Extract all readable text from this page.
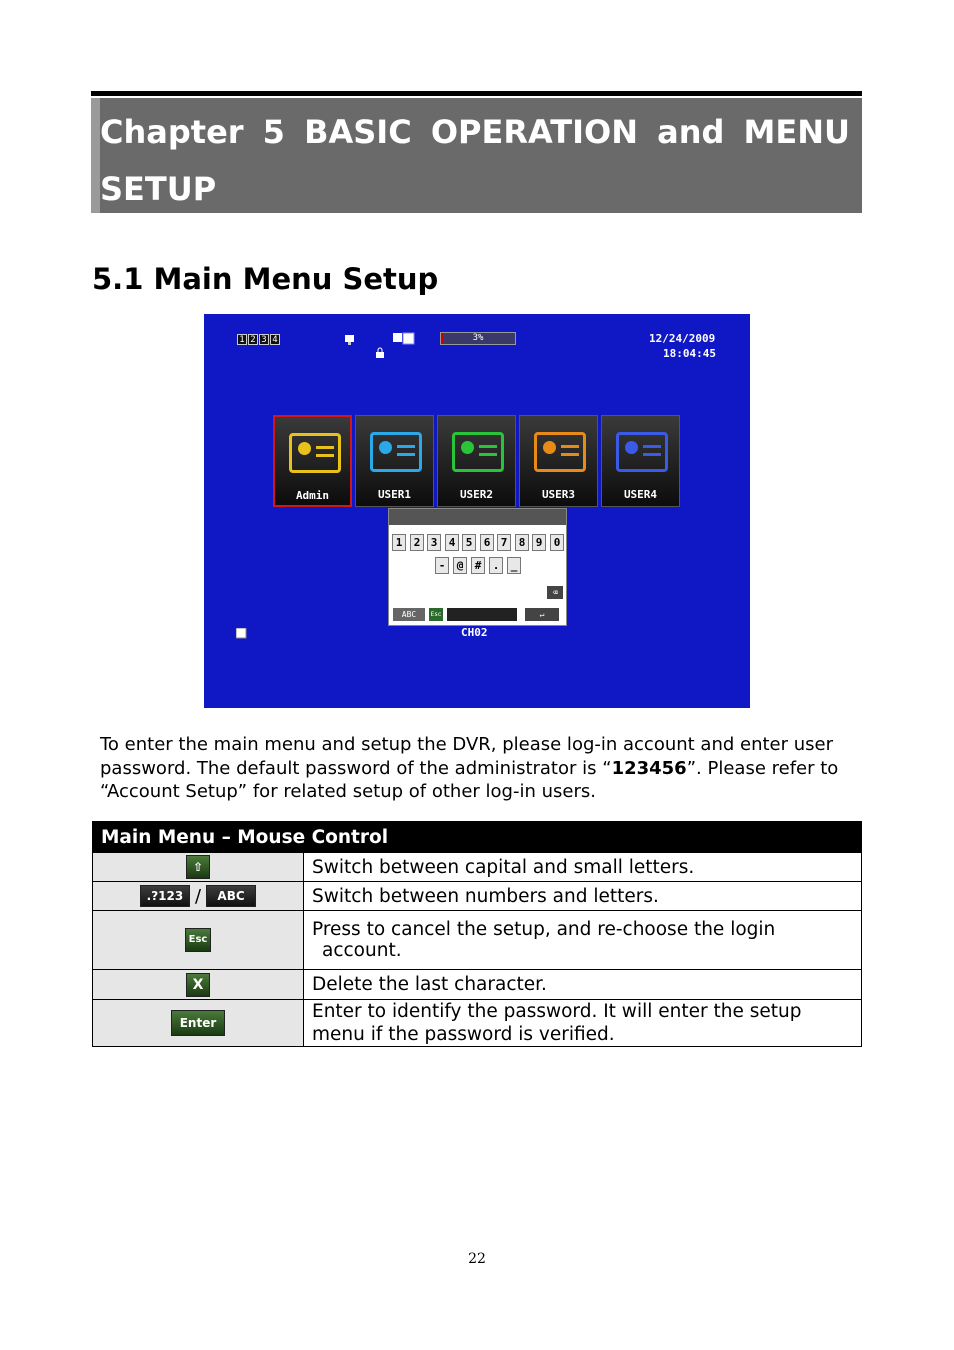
Chapter 5 BASIC OPERATION and MENU SETUP
5.1 Main Menu Setup
1 2 3 4	3%	12/24/2009
18:04:45
Admin	USER1	USER2	USER3	USER4
1	2 3	4 5	6 7	8 9	0
-	@	#	.	_
⌫
ABC	Esc	↵
CH02

To enter the main menu and setup the DVR, please log-in account and enter user password. The default password of the administrator is “123456”. Please refer to “Account Setup” for related setup of other log-in users.

Main Menu – Mouse Control	
⇧	Switch between capital and small letters.
.?123 / ABC	Switch between numbers and letters.
Esc	Press to cancel the setup, and re-choose the login
account.

X	Delete the last character.
Enter	Enter to identify the password. It will enter the setup menu if the password is verified.
22
